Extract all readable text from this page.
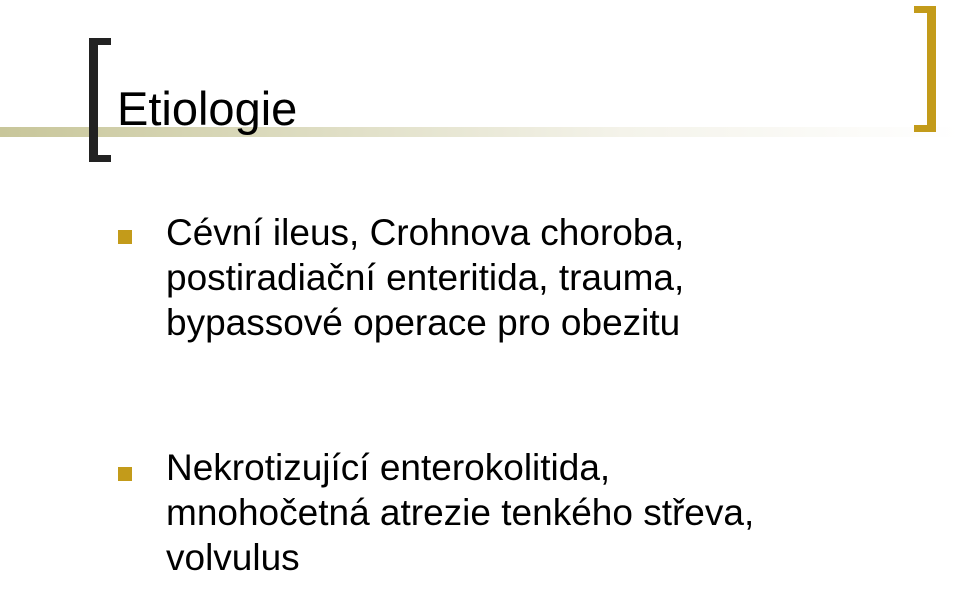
Etiologie
Cévní ileus, Crohnova choroba,
postiradiační enteritida, trauma,
bypassové operace pro obezitu
Nekrotizující enterokolitida,
mnohočetná atrezie tenkého střeva,
volvulus
